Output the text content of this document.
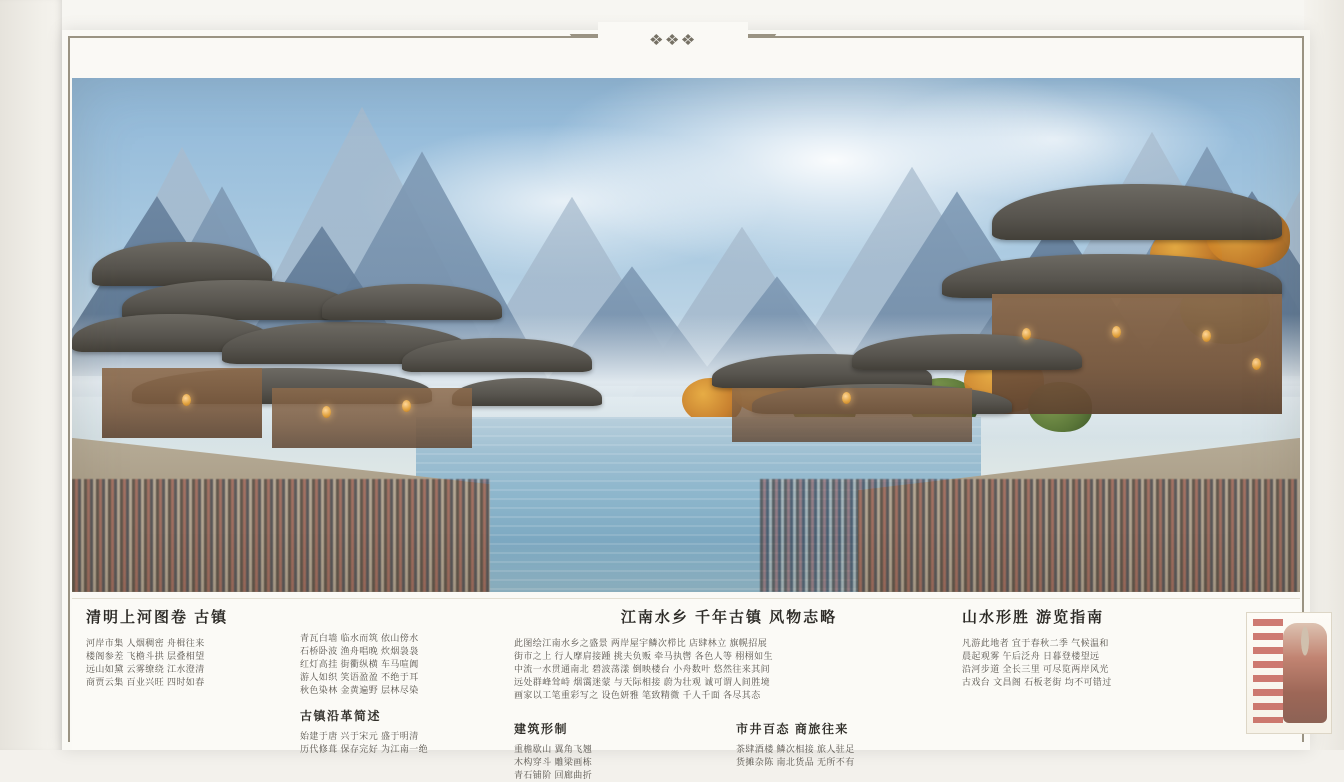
❖❖❖
清明上河图卷 古镇
河岸市集 人烟稠密 舟楫往来
楼阁参差 飞檐斗拱 层叠相望
远山如黛 云雾缭绕 江水澄清
商贾云集 百业兴旺 四时如春
青瓦白墙 临水而筑 依山傍水
石桥卧波 渔舟唱晚 炊烟袅袅
红灯高挂 街衢纵横 车马喧阗
游人如织 笑语盈盈 不绝于耳
秋色染林 金黄遍野 层林尽染
古镇沿革简述
始建于唐 兴于宋元 盛于明清
历代修葺 保存完好 为江南一绝
江南水乡 千年古镇 风物志略
此图绘江南水乡之盛景 两岸屋宇鳞次栉比 店肆林立 旗幌招展
街市之上 行人摩肩接踵 挑夫负贩 牵马执辔 各色人等 栩栩如生
中流一水贯通南北 碧波荡漾 倒映楼台 小舟数叶 悠然往来其间
远处群峰耸峙 烟霭迷蒙 与天际相接 蔚为壮观 诚可谓人间胜境
画家以工笔重彩写之 设色妍雅 笔致精微 千人千面 各尽其态
建筑形制
重檐歇山 翼角飞翘
木构穿斗 雕梁画栋
青石铺阶 回廊曲折
市井百态 商旅往来
茶肆酒楼 鳞次相接 旅人驻足
货摊杂陈 南北货品 无所不有
山水形胜 游览指南
凡游此地者 宜于春秋二季 气候温和
晨起观雾 午后泛舟 日暮登楼望远
沿河步道 全长三里 可尽览两岸风光
古戏台 文昌阁 石板老街 均不可错过
